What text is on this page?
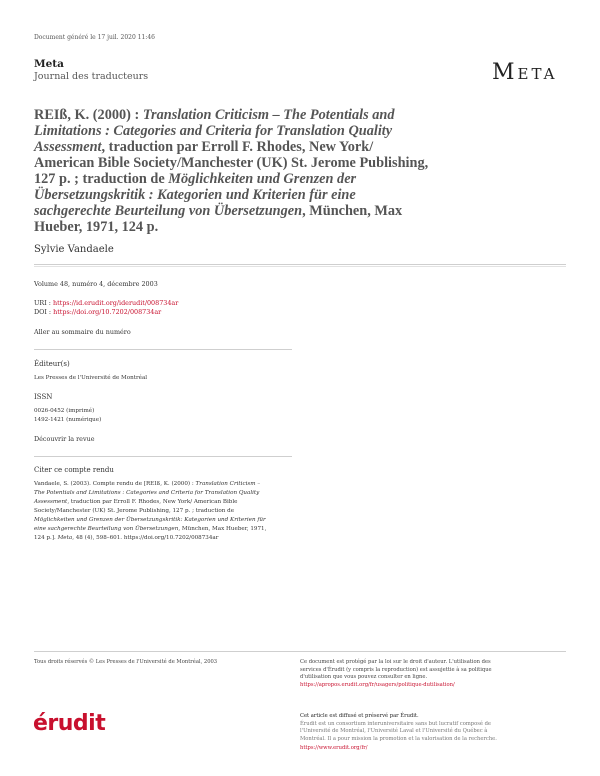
Document généré le 17 juil. 2020 11:46
Meta
Journal des traducteurs	Meta
REIß, K. (2000) : Translation Criticism – The Potentials and
Limitations : Categories and Criteria for Translation Quality
Assessment, traduction par Erroll F. Rhodes, New York/
American Bible Society/Manchester (UK) St. Jerome Publishing,
127 p. ; traduction de Möglichkeiten und Grenzen der
Übersetzungskritik : Kategorien und Kriterien für eine
sachgerechte Beurteilung von Übersetzungen, München, Max
Hueber, 1971, 124 p.
Sylvie Vandaele
Volume 48, numéro 4, décembre 2003
URI : https://id.erudit.org/iderudit/008734ar
DOI : https://doi.org/10.7202/008734ar
Aller au sommaire du numéro
Éditeur(s)
Les Presses de l'Université de Montréal
ISSN
0026-0452 (imprimé)
1492-1421 (numérique)
Découvrir la revue
Citer ce compte rendu
Vandaele, S. (2003). Compte rendu de [REIß, K. (2000) : Translation Criticism –
The Potentials and Limitations : Categories and Criteria for Translation Quality
Assessment, traduction par Erroll F. Rhodes, New York/ American Bible
Society/Manchester (UK) St. Jerome Publishing, 127 p. ; traduction de
Möglichkeiten und Grenzen der Übersetzungskritik: Kategorien und Kriterien für
eine sachgerechte Beurteilung von Übersetzungen, München, Max Hueber, 1971,
124 p.]. Meta, 48 (4), 598–601. https://doi.org/10.7202/008734ar
Tous droits réservés © Les Presses de l'Université de Montréal, 2003	Ce document est protégé par la loi sur le droit d'auteur. L'utilisation des
services d'Érudit (y compris la reproduction) est assujettie à sa politique
d'utilisation que vous pouvez consulter en ligne.
https://apropos.erudit.org/fr/usagers/politique-dutilisation/
érudit	Cet article est diffusé et préservé par Érudit.
Érudit est un consortium interuniversitaire sans but lucratif composé de
l'Université de Montréal, l'Université Laval et l'Université du Québec à
Montréal. Il a pour mission la promotion et la valorisation de la recherche.
https://www.erudit.org/fr/
